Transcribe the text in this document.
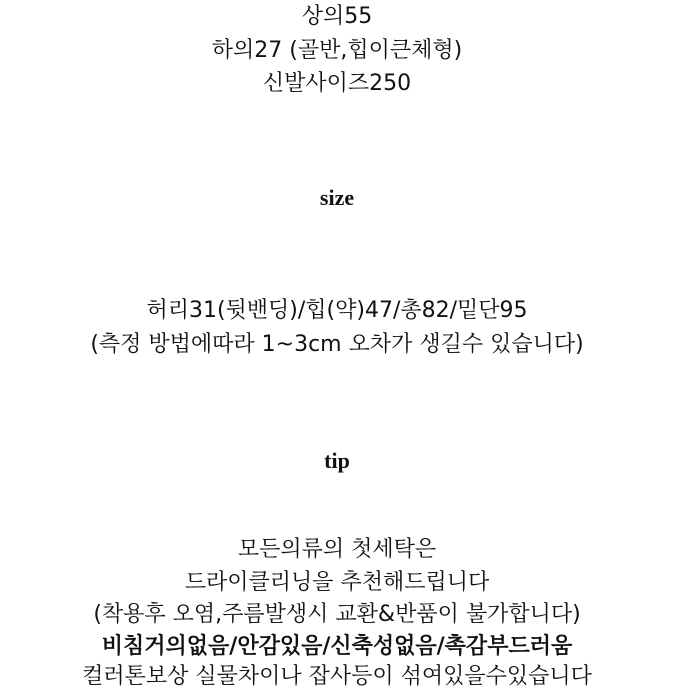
상의55
하의27 (골반,힙이큰체형)
신발사이즈250
size
허리31(뒷밴딩)/힙(약)47/총82/밑단95
(측정 방법에따라 1~3cm 오차가 생길수 있습니다)
tip
모든의류의 첫세탁은
드라이클리닝을 추천해드립니다
(착용후 오염,주름발생시 교환&반품이 불가합니다)
비침거의없음/안감있음/신축성없음/촉감부드러움
컬러톤보상 실물차이나 잡사등이 섞여있을수있습니다
